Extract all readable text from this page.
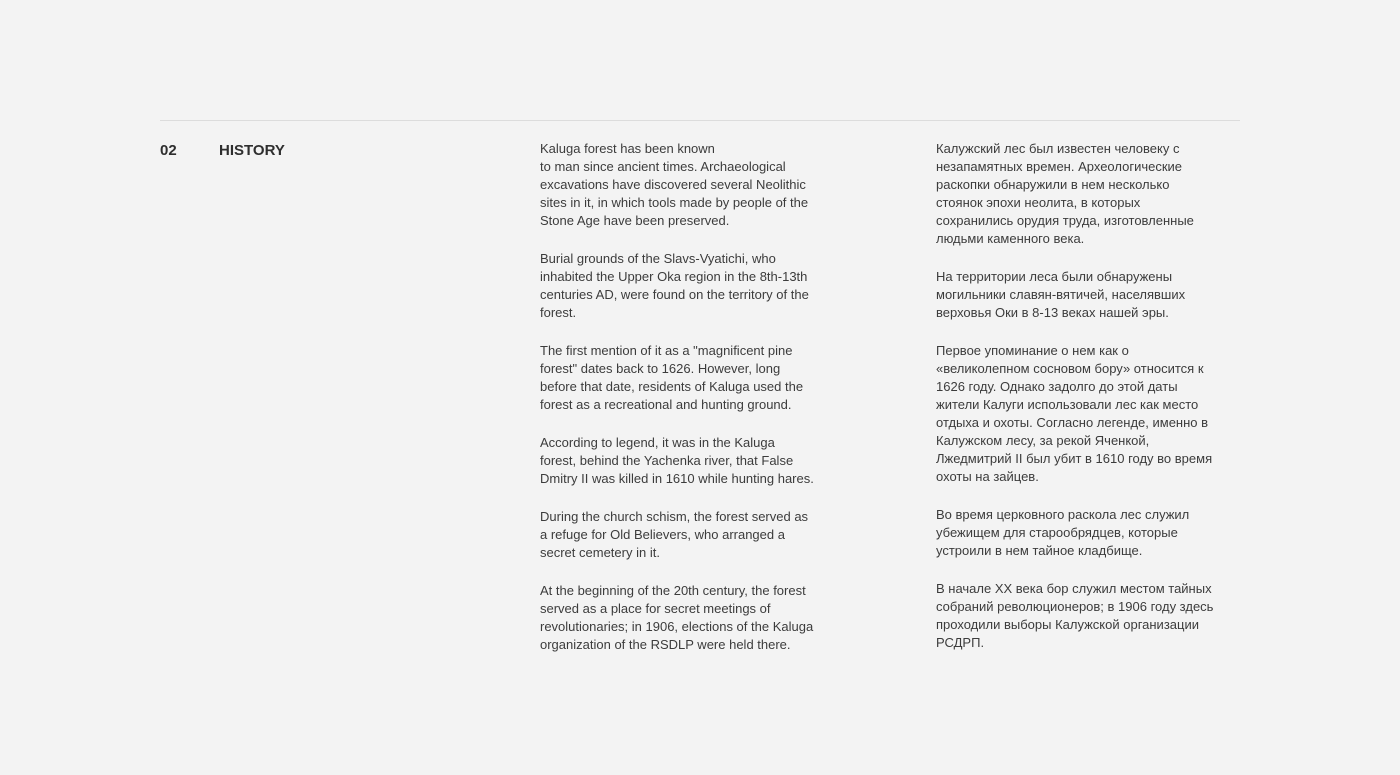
02	HISTORY	Kaluga forest has been known
to man since ancient times. Archaeological
excavations have discovered several Neolithic
sites in it, in which tools made by people of the
Stone Age have been preserved.

Burial grounds of the Slavs-Vyatichi, who
inhabited the Upper Oka region in the 8th-13th
centuries AD, were found on the territory of the
forest.

The first mention of it as a "magnificent pine
forest" dates back to 1626. However, long
before that date, residents of Kaluga used the
forest as a recreational and hunting ground.

According to legend, it was in the Kaluga
forest, behind the Yachenka river, that False
Dmitry II was killed in 1610 while hunting hares.

During the church schism, the forest served as
a refuge for Old Believers, who arranged a
secret cemetery in it.

At the beginning of the 20th century, the forest
served as a place for secret meetings of
revolutionaries; in 1906, elections of the Kaluga
organization of the RSDLP were held there.

Калужский лес был известен человеку с
незапамятных времен. Археологические
раскопки обнаружили в нем несколько
стоянок эпохи неолита, в которых
сохранились орудия труда, изготовленные
людьми каменного века.

На территории леса были обнаружены
могильники славян-вятичей, населявших
верховья Оки в 8-13 веках нашей эры.

Первое упоминание о нем как о
«великолепном сосновом бору» относится к
1626 году. Однако задолго до этой даты
жители Калуги использовали лес как место
отдыха и охоты. Согласно легенде, именно в
Калужском лесу, за рекой Яченкой,
Лжедмитрий II был убит в 1610 году во время
охоты на зайцев.

Во время церковного раскола лес служил
убежищем для старообрядцев, которые
устроили в нем тайное кладбище.

В начале XX века бор служил местом тайных
собраний революционеров; в 1906 году здесь
проходили выборы Калужской организации
РСДРП.
